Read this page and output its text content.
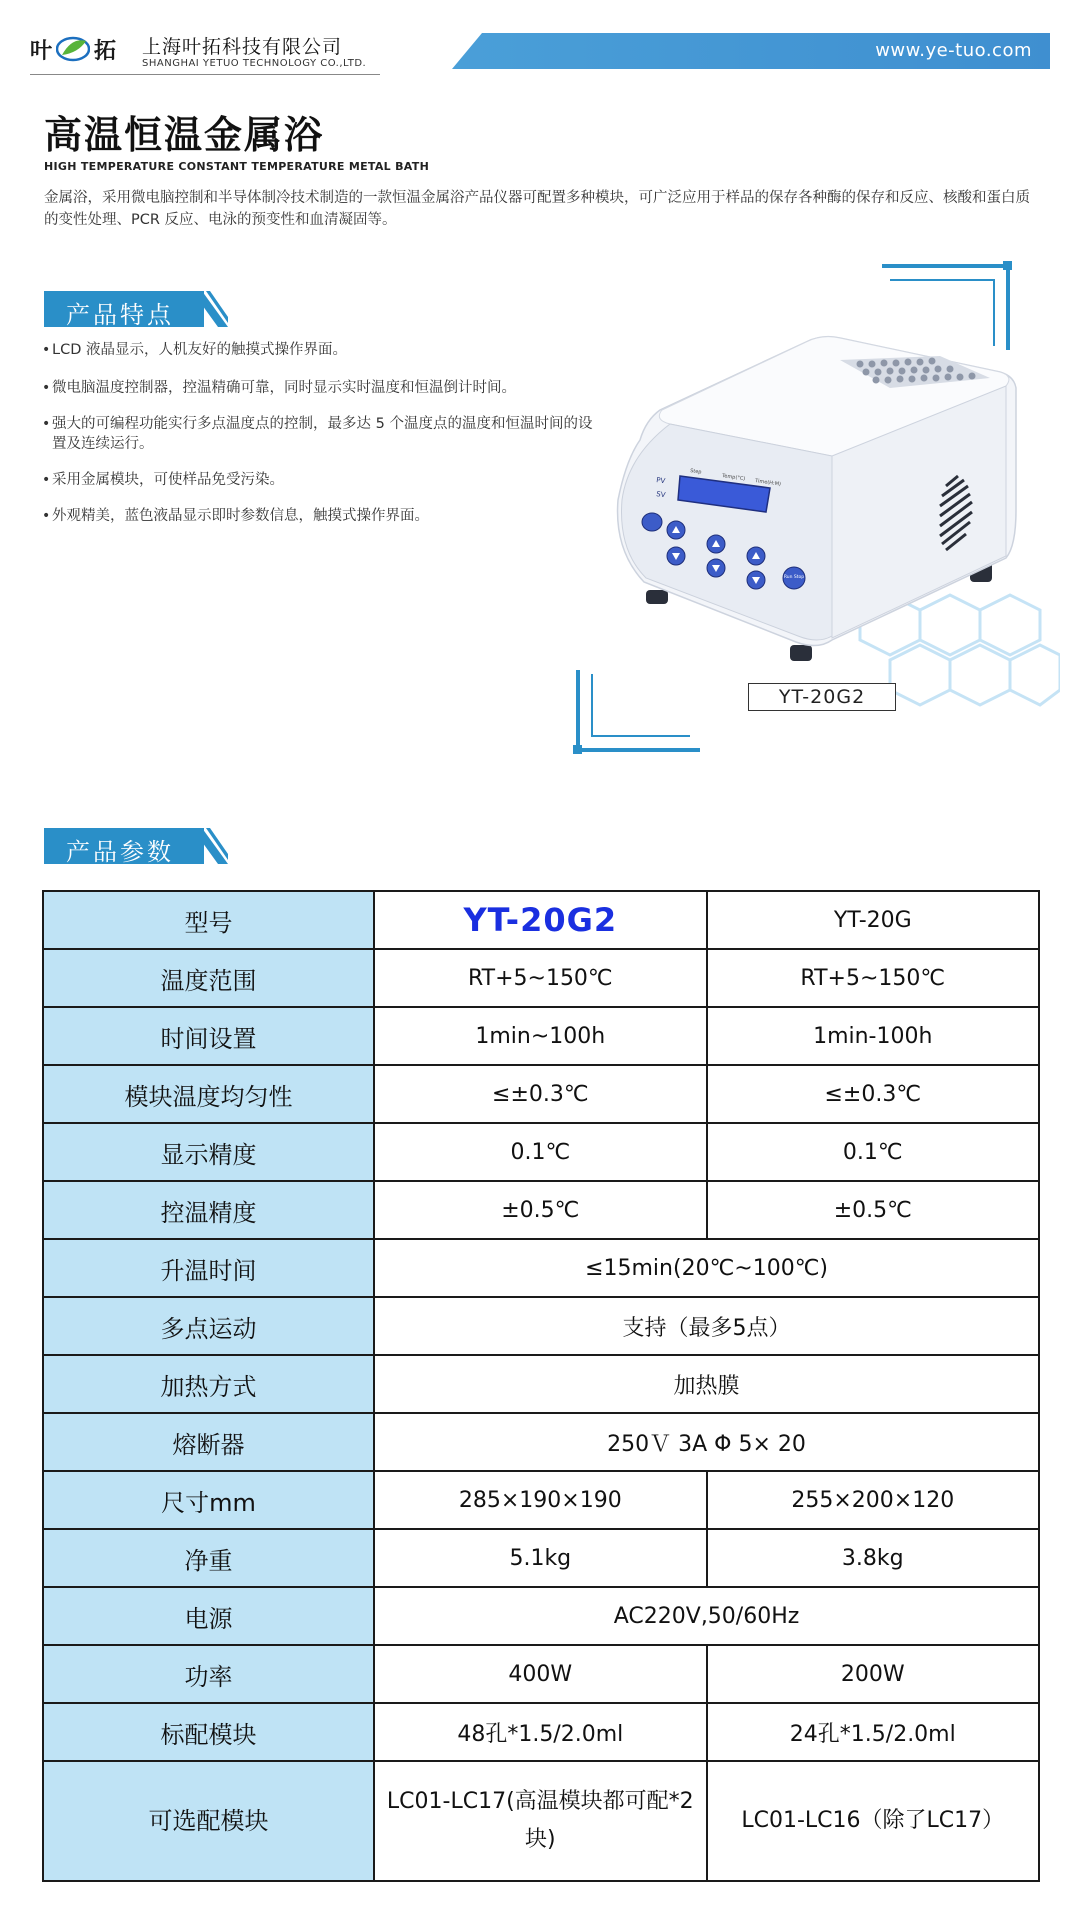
叶 拓 上海叶拓科技有限公司
SHANGHAI YETUO TECHNOLOGY CO.,LTD.
www.ye-tuo.com
高温恒温金属浴
HIGH TEMPERATURE CONSTANT TEMPERATURE METAL BATH
金属浴，采用微电脑控制和半导体制冷技术制造的一款恒温金属浴产品仪器可配置多种模块，可广泛应用于样品的保存各种酶的保存和反应、核酸和蛋白质的变性处理、PCR 反应、电泳的预变性和血清凝固等。
产品特点
• LCD 液晶显示，人机友好的触摸式操作界面。
• 微电脑温度控制器，控温精确可靠，同时显示实时温度和恒温倒计时间。
• 强大的可编程功能实行多点温度点的控制，最多达 5 个温度点的温度和恒温时间的设置及连续运行。
• 采用金属模块，可使样品免受污染。
• 外观精美，蓝色液晶显示即时参数信息，触摸式操作界面。
PV
SV
Step
Temp(°C)
Time(H:M)
Run Stop
YT-20G2
产品参数
型号	YT-20G2	YT-20G
温度范围	RT+5~150℃	RT+5~150℃
时间设置	1min~100h	1min-100h
模块温度均匀性	≤±0.3℃	≤±0.3℃
显示精度	0.1℃	0.1℃
控温精度	±0.5℃	±0.5℃
升温时间	≤15min(20℃~100℃)	
多点运动	支持（最多5点）	
加热方式	加热膜	
熔断器	250Ｖ 3A Φ 5× 20	
尺寸mm	285×190×190	255×200×120
净重	5.1kg	3.8kg
电源	AC220V,50/60Hz	
功率	400W	200W
标配模块	48孔*1.5/2.0ml	24孔*1.5/2.0ml
可选配模块	LC01-LC17(高温模块都可配*2块)	LC01-LC16（除了LC17）
